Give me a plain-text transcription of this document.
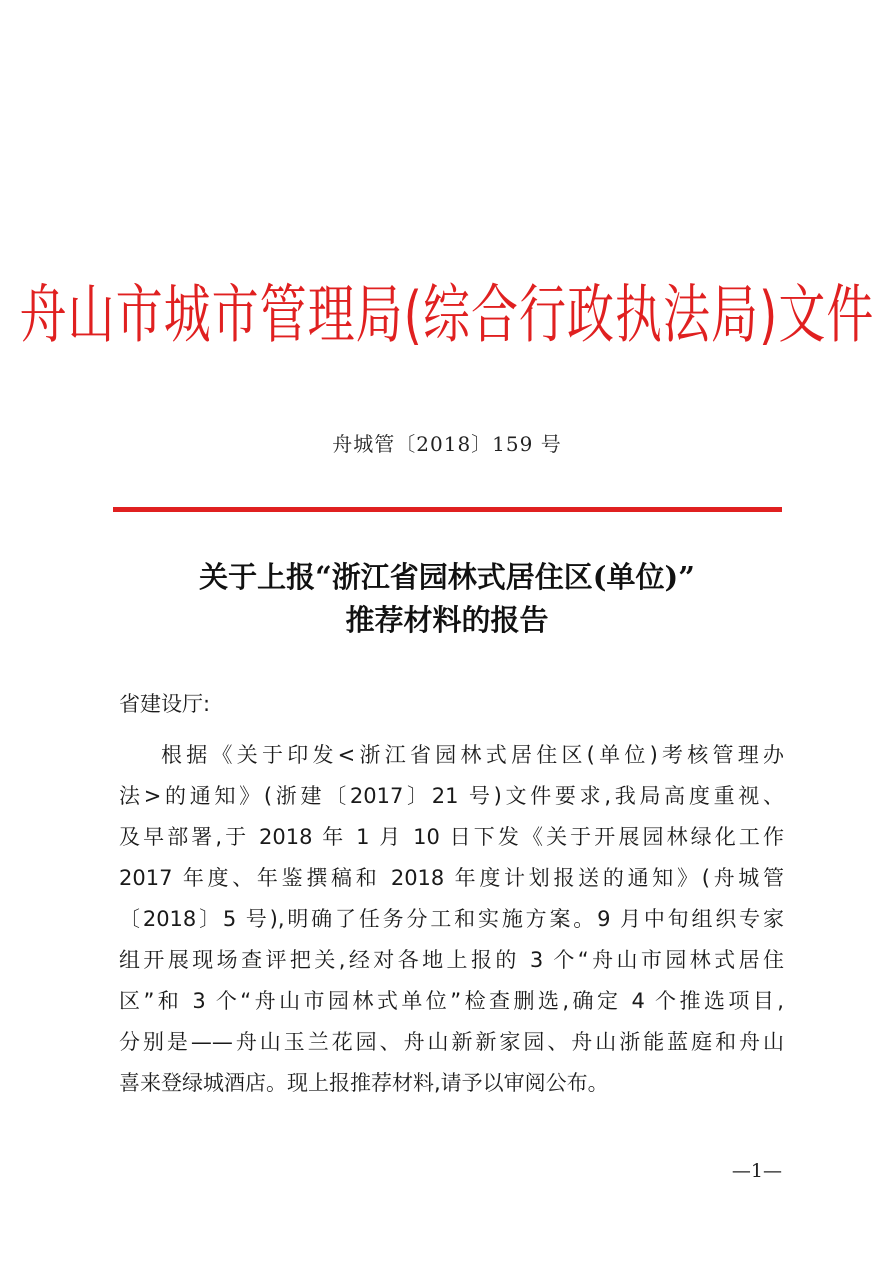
舟山市城市管理局(综合行政执法局)文件
舟城管〔2018〕159 号
关于上报“浙江省园林式居住区(单位)”
推荐材料的报告
省建设厅:
根据《关于印发<浙江省园林式居住区(单位)考核管理办
法>的通知》(浙建〔2017〕21 号)文件要求,我局高度重视、
及早部署,于 2018 年 1 月 10 日下发《关于开展园林绿化工作
2017 年度、年鉴撰稿和 2018 年度计划报送的通知》(舟城管
〔2018〕5 号),明确了任务分工和实施方案。9 月中旬组织专家
组开展现场查评把关,经对各地上报的 3 个“舟山市园林式居住
区”和 3 个“舟山市园林式单位”检查删选,确定 4 个推选项目,
分别是——舟山玉兰花园、舟山新新家园、舟山浙能蓝庭和舟山
喜来登绿城酒店。现上报推荐材料,请予以审阅公布。
—1—
